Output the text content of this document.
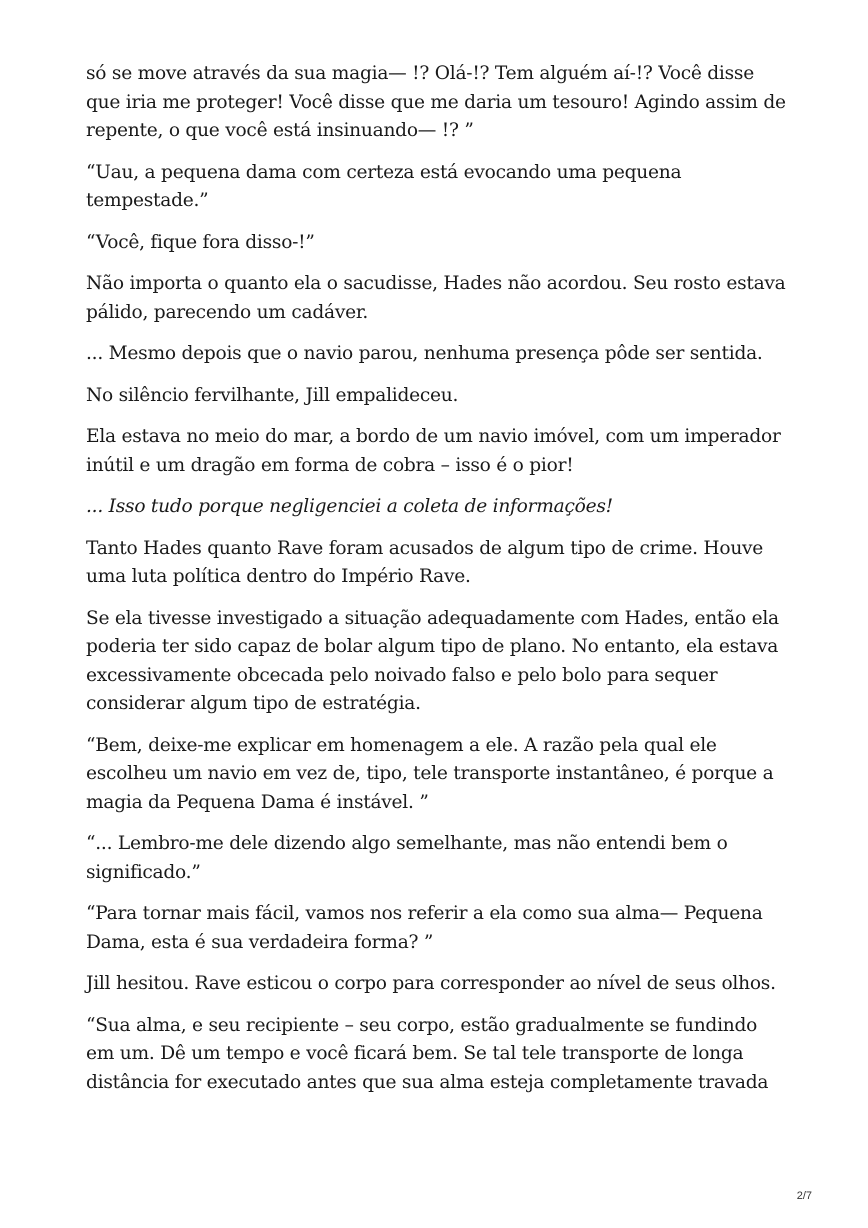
só se move através da sua magia— !? Olá-!? Tem alguém aí-!? Você disse que iria me proteger! Você disse que me daria um tesouro! Agindo assim de repente, o que você está insinuando— !? ”

“Uau, a pequena dama com certeza está evocando uma pequena tempestade.”

“Você, fique fora disso-!”

Não importa o quanto ela o sacudisse, Hades não acordou. Seu rosto estava pálido, parecendo um cadáver.

... Mesmo depois que o navio parou, nenhuma presença pôde ser sentida.

No silêncio fervilhante, Jill empalideceu.

Ela estava no meio do mar, a bordo de um navio imóvel, com um imperador inútil e um dragão em forma de cobra – isso é o pior!

... Isso tudo porque negligenciei a coleta de informações!

Tanto Hades quanto Rave foram acusados de algum tipo de crime. Houve uma luta política dentro do Império Rave.

Se ela tivesse investigado a situação adequadamente com Hades, então ela poderia ter sido capaz de bolar algum tipo de plano. No entanto, ela estava excessivamente obcecada pelo noivado falso e pelo bolo para sequer considerar algum tipo de estratégia.

“Bem, deixe-me explicar em homenagem a ele. A razão pela qual ele escolheu um navio em vez de, tipo, tele transporte instantâneo, é porque a magia da Pequena Dama é instável. ”

“... Lembro-me dele dizendo algo semelhante, mas não entendi bem o significado.”

“Para tornar mais fácil, vamos nos referir a ela como sua alma— Pequena Dama, esta é sua verdadeira forma? ”

Jill hesitou. Rave esticou o corpo para corresponder ao nível de seus olhos.

“Sua alma, e seu recipiente – seu corpo, estão gradualmente se fundindo em um. Dê um tempo e você ficará bem. Se tal tele transporte de longa distância for executado antes que sua alma esteja completamente travada

2/7
